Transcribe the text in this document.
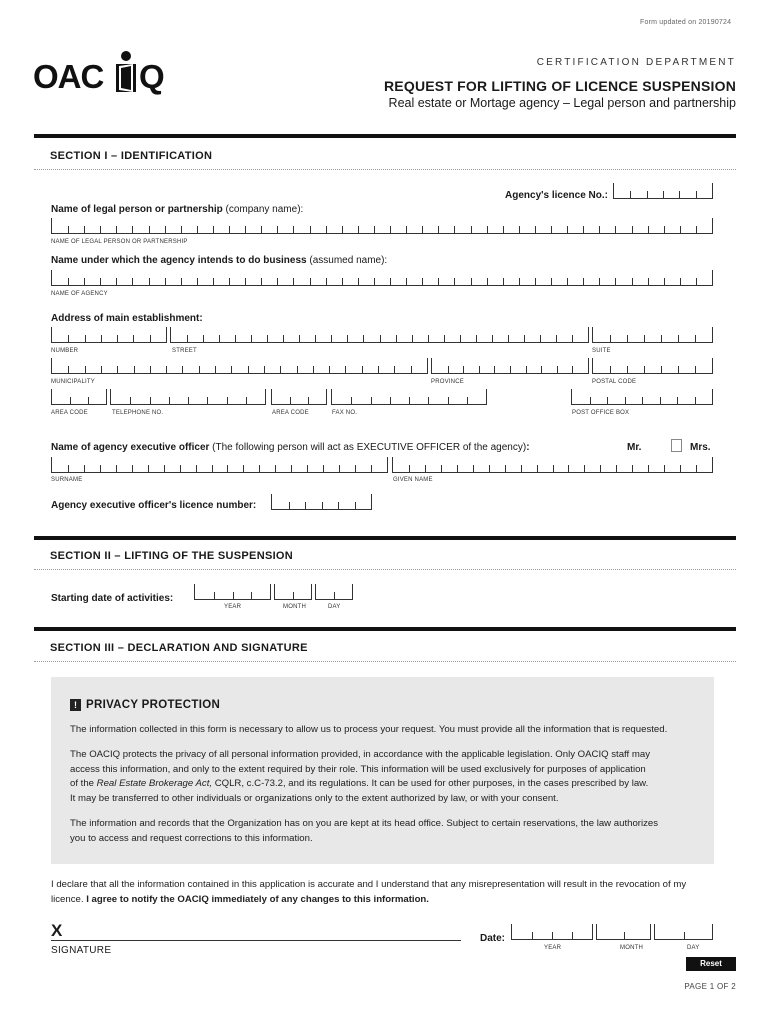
Form updated on 20190724
OAC Q	CERTIFICATION DEPARTMENT
REQUEST FOR LIFTING OF LICENCE SUSPENSION
Real estate or Mortage agency – Legal person and partnership
SECTION I – IDENTIFICATION
Agency's licence No.:
Name of legal person or partnership (company name):
NAME OF LEGAL PERSON OR PARTNERSHIP
Name under which the agency intends to do business (assumed name):
NAME OF AGENCY
Address of main establishment:
NUMBER	STREET	SUITE
MUNICIPALITY	PROVINCE	POSTAL CODE
AREA CODE	TELEPHONE NO.	AREA CODE	FAX NO.	POST OFFICE BOX
Name of agency executive officer (The following person will act as EXECUTIVE OFFICER of the agency):	Mr.	Mrs.
SURNAME	GIVEN NAME
Agency executive officer's licence number:
SECTION II – LIFTING OF THE SUSPENSION
Starting date of activities:
YEAR	MONTH	DAY
SECTION III – DECLARATION AND SIGNATURE
! PRIVACY PROTECTION
The information collected in this form is necessary to allow us to process your request. You must provide all the information that is requested.
The OACIQ protects the privacy of all personal information provided, in accordance with the applicable legislation. Only OACIQ staff may
access this information, and only to the extent required by their role. This information will be used exclusively for purposes of application
of the Real Estate Brokerage Act, CQLR, c.C-73.2, and its regulations. It can be used for other purposes, in the cases prescribed by law.
It may be transferred to other individuals or organizations only to the extent authorized by law, or with your consent.
The information and records that the Organization has on you are kept at its head office. Subject to certain reservations, the law authorizes
you to access and request corrections to this information.
I declare that all the information contained in this application is accurate and I understand that any misrepresentation will result in the revocation of my
licence. I agree to notify the OACIQ immediately of any changes to this information.
X
SIGNATURE
Date:
YEAR	MONTH	DAY
Reset
PAGE 1 OF 2
